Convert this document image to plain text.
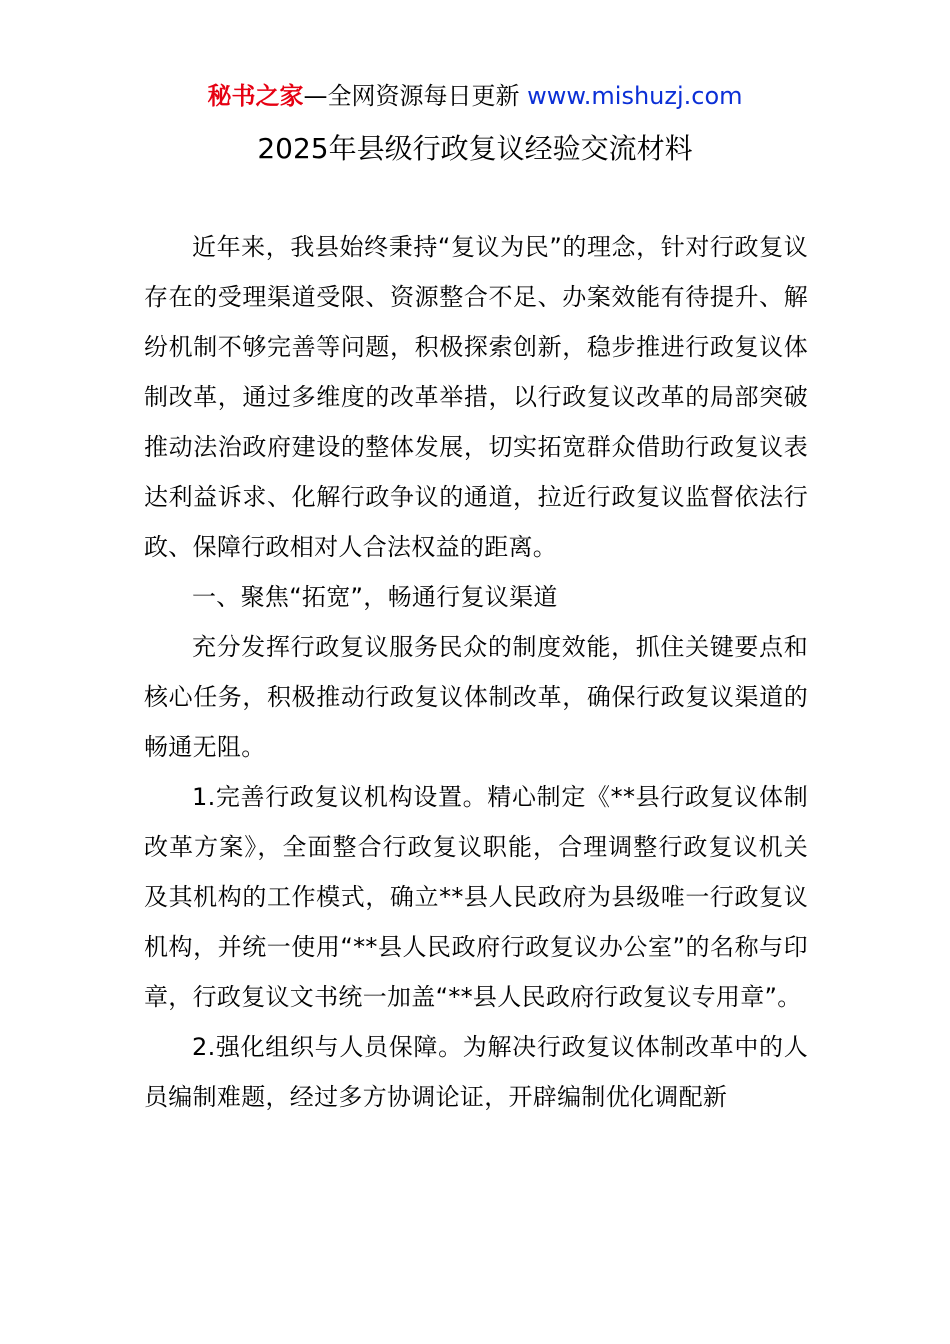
秘书之家—全网资源每日更新 www.mishuzj.com
2025年县级行政复议经验交流材料

近年来，我县始终秉持“复议为民”的理念，针对行政复议存在的受理渠道受限、资源整合不足、办案效能有待提升、解纷机制不够完善等问题，积极探索创新，稳步推进行政复议体制改革，通过多维度的改革举措，以行政复议改革的局部突破推动法治政府建设的整体发展，切实拓宽群众借助行政复议表达利益诉求、化解行政争议的通道，拉近行政复议监督依法行政、保障行政相对人合法权益的距离。

一、聚焦“拓宽”，畅通行复议渠道

充分发挥行政复议服务民众的制度效能，抓住关键要点和核心任务，积极推动行政复议体制改革，确保行政复议渠道的畅通无阻。

1.完善行政复议机构设置。精心制定《**县行政复议体制改革方案》，全面整合行政复议职能，合理调整行政复议机关及其机构的工作模式，确立**县人民政府为县级唯一行政复议机构，并统一使用“**县人民政府行政复议办公室”的名称与印章，行政复议文书统一加盖“**县人民政府行政复议专用章”。

2.强化组织与人员保障。为解决行政复议体制改革中的人员编制难题，经过多方协调论证，开辟编制优化调配新
